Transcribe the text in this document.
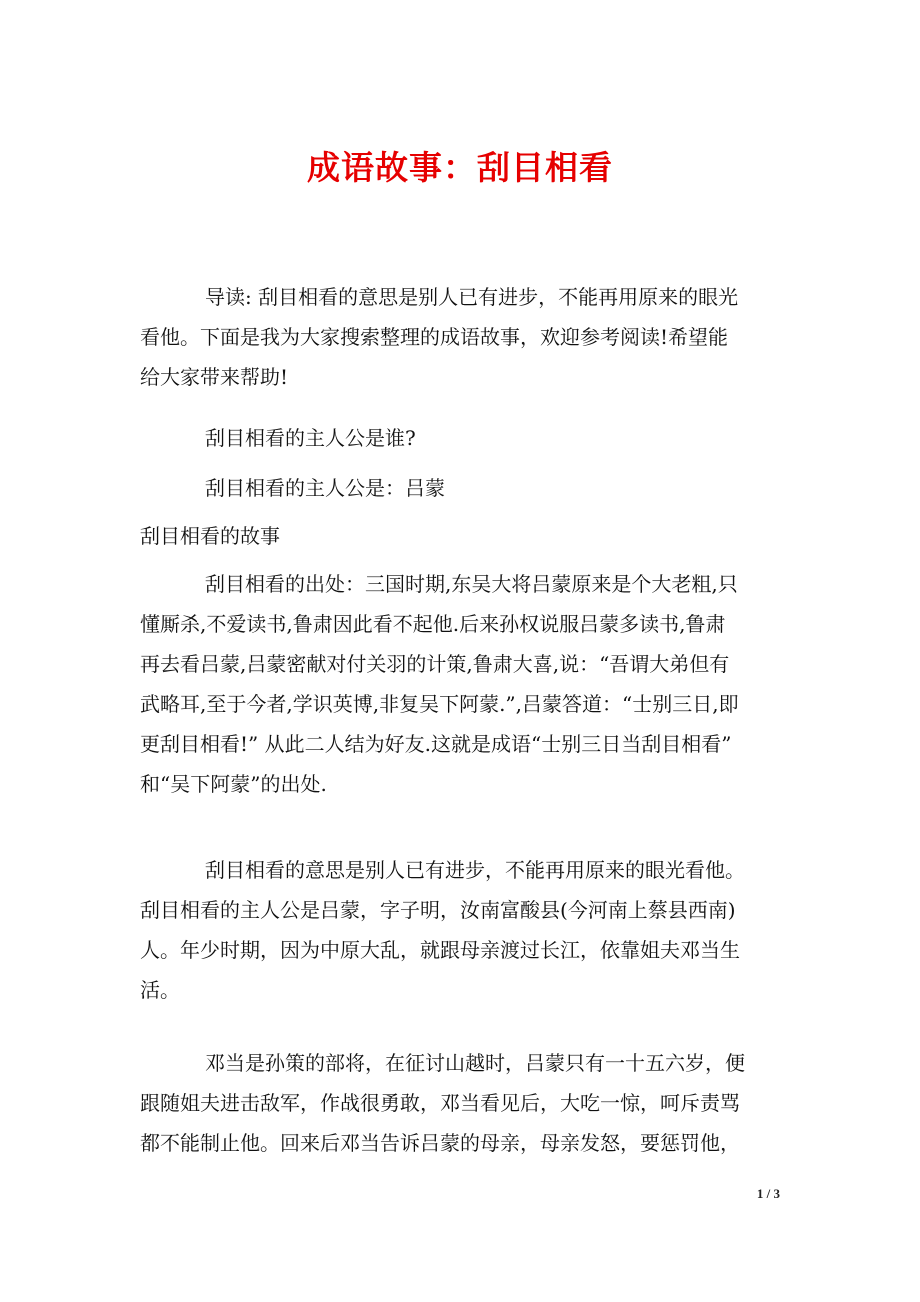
成语故事：刮目相看
导读: 刮目相看的意思是别人已有进步，不能再用原来的眼光
看他。下面是我为大家搜索整理的成语故事，欢迎参考阅读!希望能
给大家带来帮助!
刮目相看的主人公是谁?
刮目相看的主人公是：吕蒙
刮目相看的故事
刮目相看的出处：三国时期,东吴大将吕蒙原来是个大老粗,只
懂厮杀,不爱读书,鲁肃因此看不起他.后来孙权说服吕蒙多读书,鲁肃
再去看吕蒙,吕蒙密献对付关羽的计策,鲁肃大喜,说：“吾谓大弟但有
武略耳,至于今者,学识英博,非复吴下阿蒙.”,吕蒙答道：“士别三日,即
更刮目相看!” 从此二人结为好友.这就是成语“士别三日当刮目相看”
和“吴下阿蒙”的出处.
刮目相看的意思是别人已有进步，不能再用原来的眼光看他。
刮目相看的主人公是吕蒙，字子明，汝南富酸县(今河南上蔡县西南)
人。年少时期，因为中原大乱，就跟母亲渡过长江，依靠姐夫邓当生
活。
邓当是孙策的部将，在征讨山越时，吕蒙只有一十五六岁，便
跟随姐夫进击敌军，作战很勇敢，邓当看见后，大吃一惊，呵斥责骂
都不能制止他。回来后邓当告诉吕蒙的母亲，母亲发怒，要惩罚他，
1 / 3
